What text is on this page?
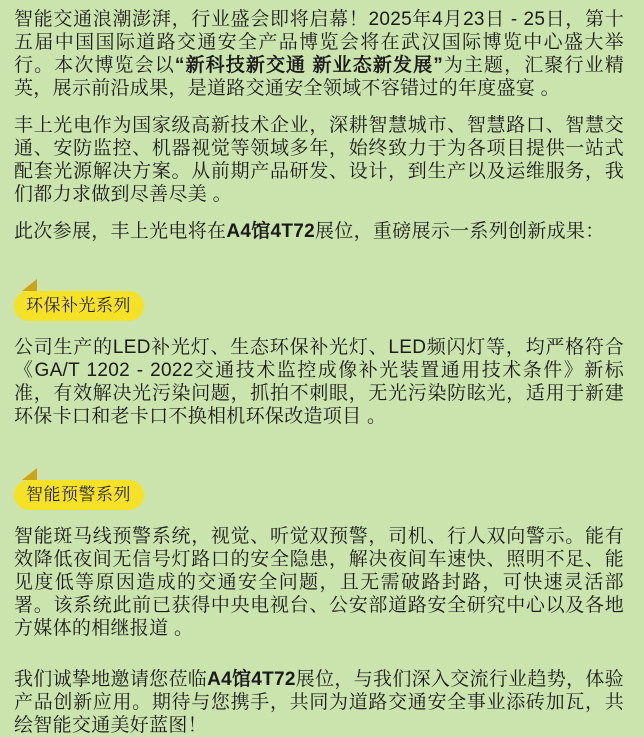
智能交通浪潮澎湃，行业盛会即将启幕！2025年4月23日 - 25日，第十五届中国国际道路交通安全产品博览会将在武汉国际博览中心盛大举行。本次博览会以“新科技新交通 新业态新发展”为主题，汇聚行业精英，展示前沿成果，是道路交通安全领域不容错过的年度盛宴 。

丰上光电作为国家级高新技术企业，深耕智慧城市、智慧路口、智慧交通、安防监控、机器视觉等领域多年，始终致力于为各项目提供一站式配套光源解决方案。从前期产品研发、设计，到生产以及运维服务，我们都力求做到尽善尽美 。

此次参展，丰上光电将在A4馆4T72展位，重磅展示一系列创新成果：

环保补光系列

公司生产的LED补光灯、生态环保补光灯、LED频闪灯等，均严格符合《GA/T 1202 - 2022交通技术监控成像补光装置通用技术条件》新标准，有效解决光污染问题，抓拍不刺眼，无光污染防眩光，适用于新建环保卡口和老卡口不换相机环保改造项目 。

智能预警系列

智能斑马线预警系统，视觉、听觉双预警，司机、行人双向警示。能有效降低夜间无信号灯路口的安全隐患，解决夜间车速快、照明不足、能见度低等原因造成的交通安全问题，且无需破路封路，可快速灵活部署。该系统此前已获得中央电视台、公安部道路安全研究中心以及各地方媒体的相继报道 。

我们诚挚地邀请您莅临A4馆4T72展位，与我们深入交流行业趋势，体验产品创新应用。期待与您携手，共同为道路交通安全事业添砖加瓦，共绘智能交通美好蓝图！
